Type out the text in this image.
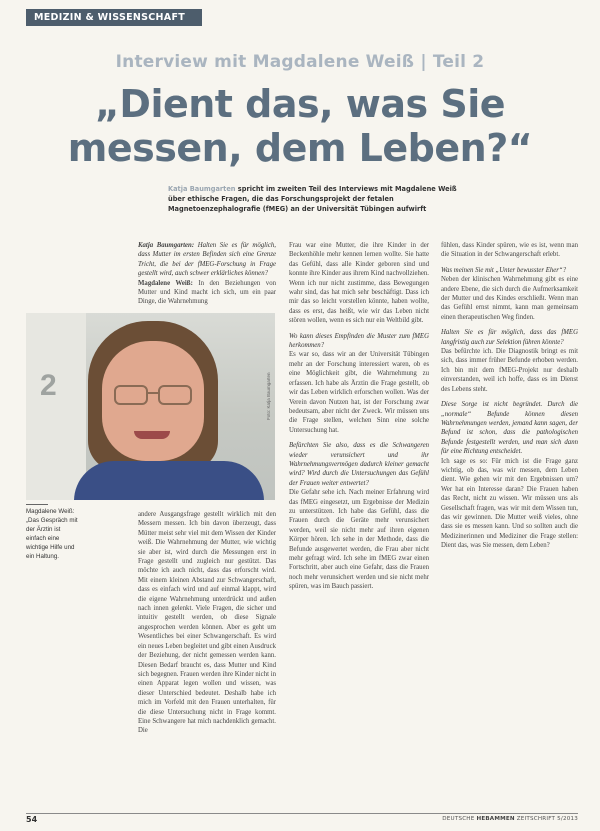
MEDIZIN & WISSENSCHAFT
Interview mit Magdalene Weiß | Teil 2
„Dient das, was Sie messen, dem Leben?“
Katja Baumgarten spricht im zweiten Teil des Interviews mit Magdalene Weiß über ethische Fragen, die das Forschungsprojekt der fetalen Magnetoenzephalografie (fMEG) an der Universität Tübingen aufwirft

Katja Baumgarten: Halten Sie es für möglich, dass Mutter im ersten Befinden sich eine Grenze Tricht, die bei der fMEG-Forschung in Frage gestellt wird, auch schwer erklärliches können?

Magdalene Weiß: In den Beziehungen von Mutter und Kind macht ich sich, um ein paar Dinge, die Wahrnehmung

2	Foto: Katja Baumgarten
Magdalene Weiß: „Das Gespräch mit der Ärztin ist einfach eine wichtige Hilfe und ein Haltung.

andere Ausgangsfrage gestellt wirklich mit den Messern messen. Ich bin davon überzeugt, dass Mütter meist sehr viel mit dem Wissen der Kinder weiß. Die Wahrnehmung der Mutter, wie wichtig sie aber ist, wird durch die Messungen erst in Frage gestellt und zugleich nur gestützt. Das möchte ich auch nicht, dass das erforscht wird. Mit einem kleinen Abstand zur Schwangerschaft, dass es einfach wird und auf einmal klappt, wird die eigene Wahrnehmung unterdrückt und außen nach innen gelenkt. Viele Fragen, die sicher und intuitiv gestellt werden, ob diese Signale angesprochen werden können. Aber es geht um Wesentliches bei einer Schwangerschaft. Es wird ein neues Leben begleitet und gibt einen Ausdruck der Beziehung, der nicht gemessen werden kann. Diesen Bedarf braucht es, dass Mutter und Kind sich begegnen. Frauen werden ihre Kinder nicht in einen Apparat legen wollen und wissen, was dieser Unterschied bedeutet. Deshalb habe ich mich im Vorfeld mit den Frauen unterhalten, für die diese Untersuchung nicht in Frage kommt. Eine Schwangere hat mich nachdenklich gemacht. Die

Frau war eine Mutter, die ihre Kinder in der Beckenhöhle mehr kennen lernen wollte. Sie hatte das Gefühl, dass alle Kinder geboren sind und konnte ihre Kinder aus ihrem Kind nachvollziehen. Wenn ich nur nicht zustimme, dass Bewegungen wahr sind, das hat mich sehr beschäftigt. Dass ich mir das so leicht vorstellen könnte, haben wollte, dass es erst, das heißt, wie wir das Leben nicht stören wollen, wenn es sich nur ein Weltbild gibt.

Wo kann dieses Empfinden die Muster zum fMEG herkommen?

Es war so, dass wir an der Universität Tübingen mehr an der Forschung interessiert waren, ob es eine Möglichkeit gibt, die Wahrnehmung zu erfassen. Ich habe als Ärztin die Frage gestellt, ob wir das Leben wirklich erforschen wollen. Was der Verein davon Nutzen hat, ist der Forschung zwar bedeutsam, aber nicht der Zweck. Wir müssen uns die Frage stellen, welchen Sinn eine solche Untersuchung hat.

Befürchten Sie also, dass es die Schwangeren wieder verunsichert und ihr Wahrnehmungsvermögen dadurch kleiner gemacht wird? Wird durch die Untersuchungen das Gefühl der Frauen weiter entwertet?

Die Gefahr sehe ich. Nach meiner Erfahrung wird das fMEG eingesetzt, um Ergebnisse der Medizin zu unterstützen. Ich habe das Gefühl, dass die Frauen durch die Geräte mehr verunsichert werden, weil sie nicht mehr auf ihren eigenen Körper hören. Ich sehe in der Methode, dass die Befunde ausgewertet werden, die Frau aber nicht mehr gefragt wird. Ich sehe im fMEG zwar einen Fortschritt, aber auch eine Gefahr, dass die Frauen noch mehr verunsichert werden und sie nicht mehr spüren, was im Bauch passiert.

fühlen, dass Kinder spüren, wie es ist, wenn man die Situation in der Schwangerschaft erlebt.

Was meinen Sie mit „Unter bewusster Eher“?

Neben der klinischen Wahrnehmung gibt es eine andere Ebene, die sich durch die Aufmerksamkeit der Mutter und des Kindes erschließt. Wenn man das Gefühl ernst nimmt, kann man gemeinsam einen therapeutischen Weg finden.

Halten Sie es für möglich, dass das fMEG langfristig auch zur Selektion führen könnte?

Das befürchte ich. Die Diagnostik bringt es mit sich, dass immer früher Befunde erhoben werden. Ich bin mit dem fMEG-Projekt nur deshalb einverstanden, weil ich hoffe, dass es im Dienst des Lebens steht.

Diese Sorge ist nicht begründet. Durch die „normale“ Befunde können diesen Wahrnehmungen werden, jemand kann sagen, der Befund ist schon, dass die pathologischen Befunde festgestellt werden, und man sich dann für eine Richtung entscheidet.

Ich sage es so: Für mich ist die Frage ganz wichtig, ob das, was wir messen, dem Leben dient. Wie gehen wir mit den Ergebnissen um? Wer hat ein Interesse daran? Die Frauen haben das Recht, nicht zu wissen. Wir müssen uns als Gesellschaft fragen, was wir mit dem Wissen tun, das wir gewinnen. Die Mutter weiß vieles, ohne dass sie es messen kann. Und so sollten auch die Medizinerinnen und Mediziner die Frage stellen: Dient das, was Sie messen, dem Leben?

54	DEUTSCHE HEBAMMEN ZEITSCHRIFT 5/2013
